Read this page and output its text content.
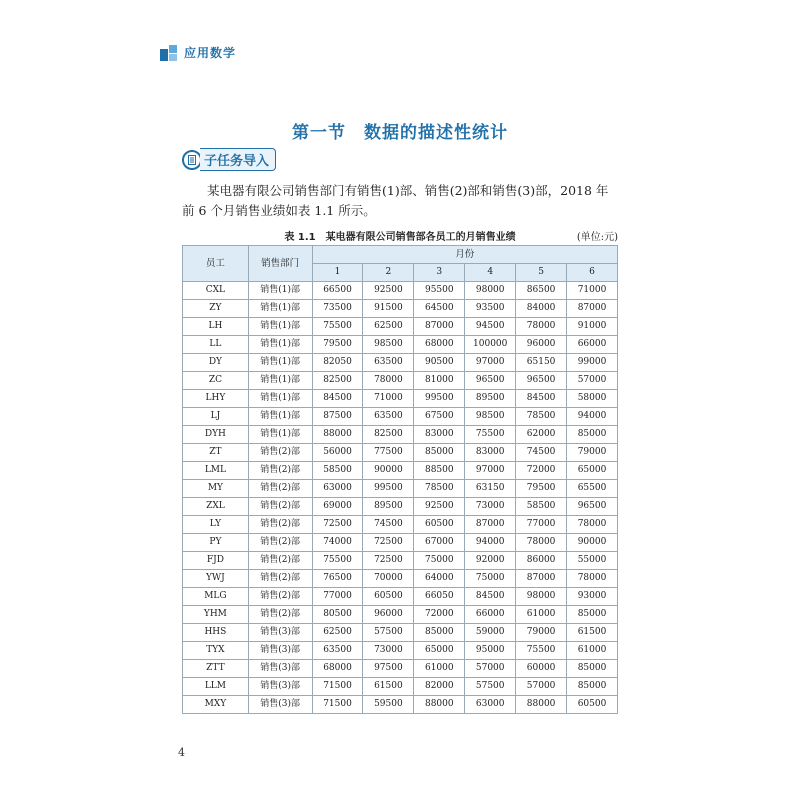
应用数学
第一节　数据的描述性统计
子任务导入
某电器有限公司销售部门有销售(1)部、销售(2)部和销售(3)部，2018 年前 6 个月销售业绩如表 1.1 所示。
表 1.1　某电器有限公司销售部各员工的月销售业绩	(单位:元)
员工	销售部门	月份					
		1	2	3	4	5	6
CXL	销售(1)部	66500	92500	95500	98000	86500	71000
ZY	销售(1)部	73500	91500	64500	93500	84000	87000
LH	销售(1)部	75500	62500	87000	94500	78000	91000
LL	销售(1)部	79500	98500	68000	100000	96000	66000
DY	销售(1)部	82050	63500	90500	97000	65150	99000
ZC	销售(1)部	82500	78000	81000	96500	96500	57000
LHY	销售(1)部	84500	71000	99500	89500	84500	58000
LJ	销售(1)部	87500	63500	67500	98500	78500	94000
DYH	销售(1)部	88000	82500	83000	75500	62000	85000
ZT	销售(2)部	56000	77500	85000	83000	74500	79000
LML	销售(2)部	58500	90000	88500	97000	72000	65000
MY	销售(2)部	63000	99500	78500	63150	79500	65500
ZXL	销售(2)部	69000	89500	92500	73000	58500	96500
LY	销售(2)部	72500	74500	60500	87000	77000	78000
PY	销售(2)部	74000	72500	67000	94000	78000	90000
FJD	销售(2)部	75500	72500	75000	92000	86000	55000
YWJ	销售(2)部	76500	70000	64000	75000	87000	78000
MLG	销售(2)部	77000	60500	66050	84500	98000	93000
YHM	销售(2)部	80500	96000	72000	66000	61000	85000
HHS	销售(3)部	62500	57500	85000	59000	79000	61500
TYX	销售(3)部	63500	73000	65000	95000	75500	61000
ZTT	销售(3)部	68000	97500	61000	57000	60000	85000
LLM	销售(3)部	71500	61500	82000	57500	57000	85000
MXY	销售(3)部	71500	59500	88000	63000	88000	60500
4
